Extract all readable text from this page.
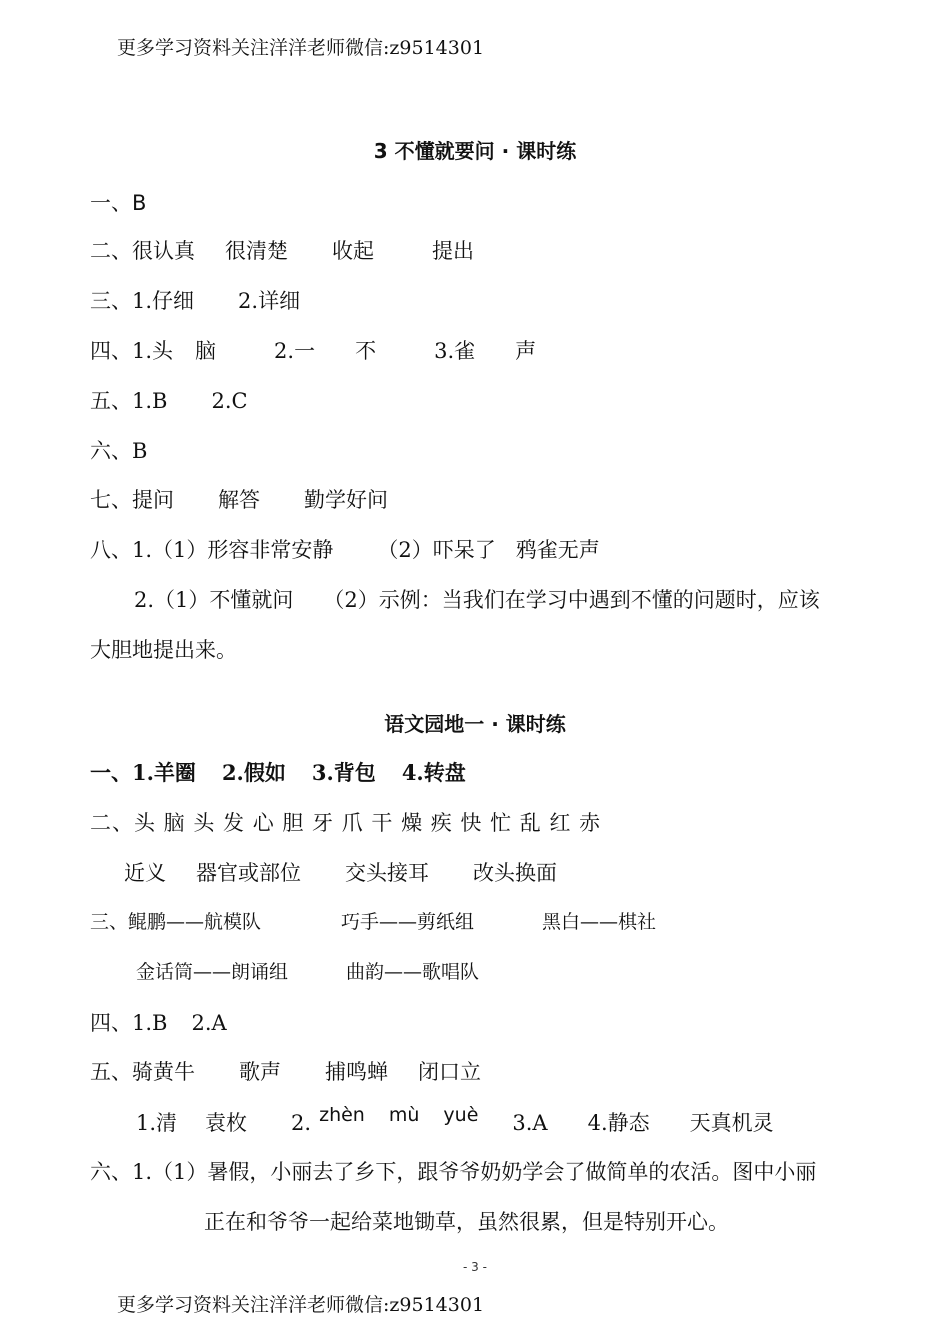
更多学习资料关注洋洋老师微信:z9514301
3 不懂就要问 · 课时练
一、B
二、很认真 很清楚 收起	提出
三、1.仔细 2.详细
四、1.头 脑	2.一 不	3.雀 声
五、1.B 2.C
六、B
七、提问 解答 勤学好问
八、1.（1）形容非常安静 （2）吓呆了 鸦雀无声
2.（1）不懂就问 （2）示例：当我们在学习中遇到不懂的问题时，应该
大胆地提出来。
语文园地一 · 课时练
一、1.羊圈 2.假如 3.背包 4.转盘
二、头 脑 头 发 心 胆 牙 爪 干 燥 疾 快 忙 乱 红 赤
近义 器官或部位 交头接耳 改头换面
三、鲲鹏——航模队	巧手——剪纸组	黑白——棋社
金话筒——朗诵组	曲韵——歌唱队
四、1.B 2.A
五、骑黄牛 歌声 捕鸣蝉 闭口立
1.清 袁枚 2. zhèn mù yuè 3.A 4.静态 天真机灵
六、1.（1）暑假，小丽去了乡下，跟爷爷奶奶学会了做简单的农活。图中小丽
正在和爷爷一起给菜地锄草，虽然很累，但是特别开心。
- 3 -
更多学习资料关注洋洋老师微信:z9514301
